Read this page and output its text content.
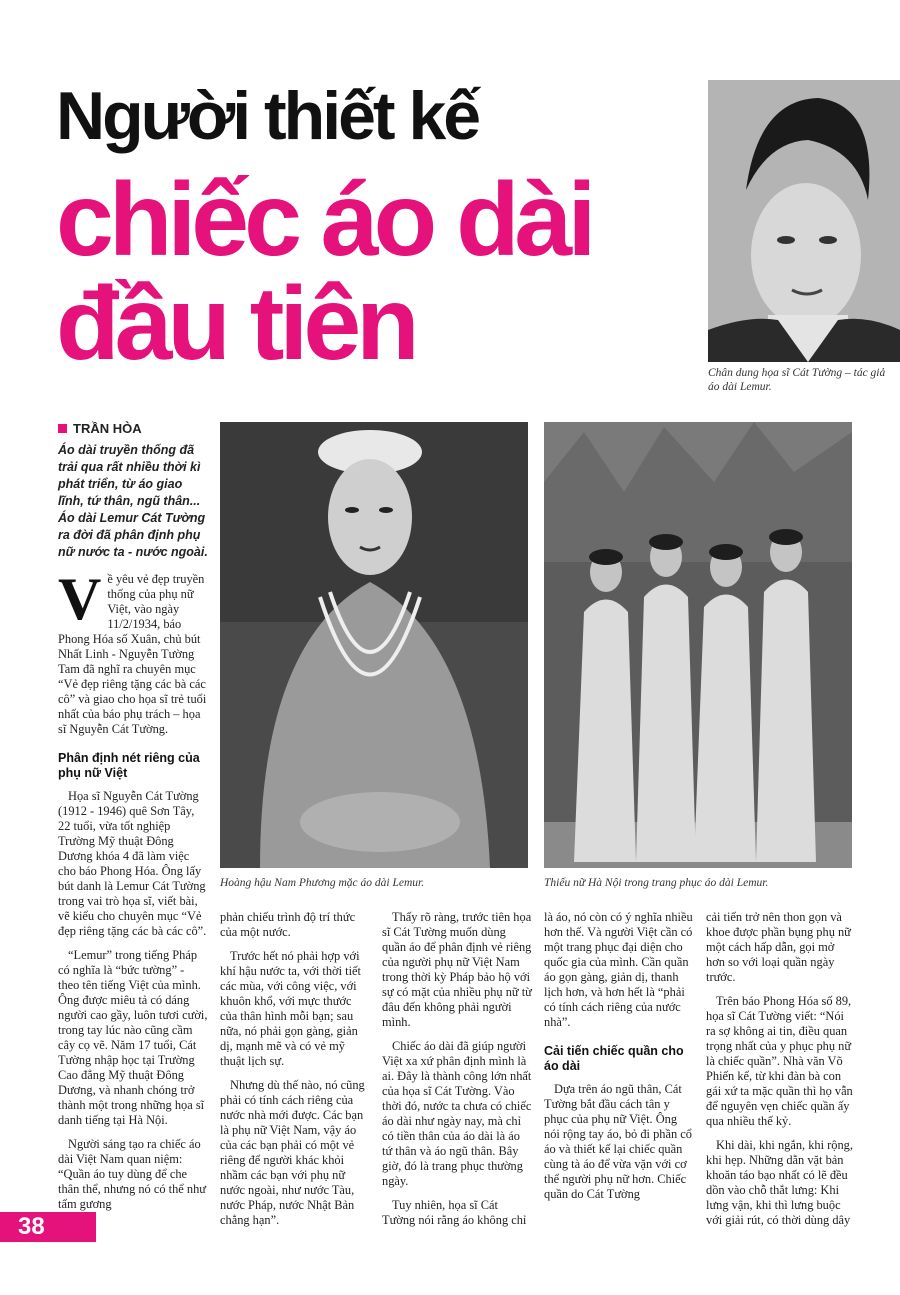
Người thiết kế
chiếc áo dài
đầu tiên	Chân dung họa sĩ Cát Tường – tác giả áo dài Lemur.
TRẦN HÒA
Áo dài truyền thống đã trải qua rất nhiều thời kì phát triển, từ áo giao lĩnh, tứ thân, ngũ thân... Áo dài Lemur Cát Tường ra đời đã phân định phụ nữ nước ta - nước ngoài.
Hoàng hậu Nam Phương mặc áo dài Lemur.	Thiếu nữ Hà Nội trong trang phục áo dài Lemur.

Về yêu vẻ đẹp truyền thống của phụ nữ Việt, vào ngày 11/2/1934, báo Phong Hóa số Xuân, chủ bút Nhất Linh - Nguyễn Tường Tam đã nghĩ ra chuyên mục “Vẻ đẹp riêng tặng các bà các cô” và giao cho họa sĩ trẻ tuổi nhất của báo phụ trách – họa sĩ Nguyễn Cát Tường.

Phân định nét riêng của phụ nữ Việt

Họa sĩ Nguyễn Cát Tường (1912 - 1946) quê Sơn Tây, 22 tuổi, vừa tốt nghiệp Trường Mỹ thuật Đông Dương khóa 4 đã làm việc cho báo Phong Hóa. Ông lấy bút danh là Lemur Cát Tường trong vai trò họa sĩ, viết bài, vẽ kiểu cho chuyên mục “Vẻ đẹp riêng tặng các bà các cô”.

“Lemur” trong tiếng Pháp có nghĩa là “bức tường” - theo tên tiếng Việt của mình. Ông được miêu tả có dáng người cao gầy, luôn tươi cười, trong tay lúc nào cũng cầm cây cọ vẽ. Năm 17 tuổi, Cát Tường nhập học tại Trường Cao đẳng Mỹ thuật Đông Dương, và nhanh chóng trở thành một trong những họa sĩ danh tiếng tại Hà Nội.

Người sáng tạo ra chiếc áo dài Việt Nam quan niệm: “Quần áo tuy dùng để che thân thể, nhưng nó có thể như tấm gương

phản chiếu trình độ trí thức của một nước.

Trước hết nó phải hợp với khí hậu nước ta, với thời tiết các mùa, với công việc, với khuôn khổ, với mực thước của thân hình mỗi bạn; sau nữa, nó phải gọn gàng, giản dị, mạnh mẽ và có vẻ mỹ thuật lịch sự.

Nhưng dù thế nào, nó cũng phải có tính cách riêng của nước nhà mới được. Các bạn là phụ nữ Việt Nam, vậy áo của các bạn phải có một vẻ riêng để người khác khỏi nhầm các bạn với phụ nữ nước ngoài, như nước Tàu, nước Pháp, nước Nhật Bản chẳng hạn”.

Thấy rõ ràng, trước tiên họa sĩ Cát Tường muốn dùng quần áo để phân định vẻ riêng của người phụ nữ Việt Nam trong thời kỳ Pháp bảo hộ với sự có mặt của nhiều phụ nữ từ đâu đến không phải người mình.

Chiếc áo dài đã giúp người Việt xa xứ phân định mình là ai. Đây là thành công lớn nhất của họa sĩ Cát Tường. Vào thời đó, nước ta chưa có chiếc áo dài như ngày nay, mà chỉ có tiền thân của áo dài là áo tứ thân và áo ngũ thân. Bây giờ, đó là trang phục thường ngày.

Tuy nhiên, họa sĩ Cát Tường nói rằng áo không chỉ

là áo, nó còn có ý nghĩa nhiều hơn thế. Và người Việt cần có một trang phục đại diện cho quốc gia của mình. Cần quần áo gọn gàng, giản dị, thanh lịch hơn, và hơn hết là “phải có tính cách riêng của nước nhà”.

Cải tiến chiếc quần cho áo dài

Dựa trên áo ngũ thân, Cát Tường bắt đầu cách tân y phục của phụ nữ Việt. Ông nói rộng tay áo, bỏ đi phần cổ áo và thiết kế lại chiếc quần cùng tà áo để vừa vặn với cơ thể người phụ nữ hơn. Chiếc quần do Cát Tường

cải tiến trở nên thon gọn và khoe được phần bụng phụ nữ một cách hấp dẫn, gọi mở hơn so với loại quần ngày trước.

Trên báo Phong Hóa số 89, họa sĩ Cát Tường viết: “Nói ra sợ không ai tin, điều quan trọng nhất của y phục phụ nữ là chiếc quần”. Nhà văn Võ Phiến kể, từ khi đàn bà con gái xứ ta mặc quần thì họ vẫn để nguyên vẹn chiếc quần ấy qua nhiều thế kỷ.

Khi dài, khi ngắn, khi rộng, khi hẹp. Những dằn vặt bản khoăn táo bạo nhất có lẽ đều dồn vào chỗ thắt lưng: Khi lưng vận, khi thì lưng buộc với giải rút, có thời dùng dây

38
